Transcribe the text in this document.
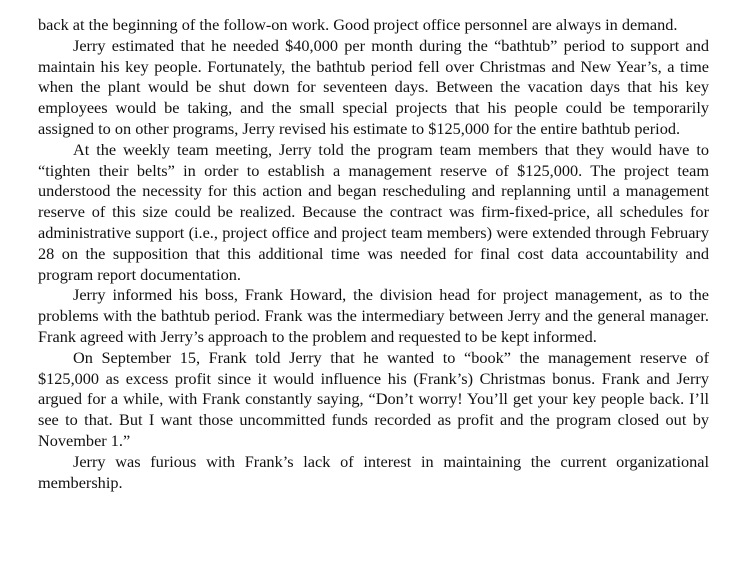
back at the beginning of the follow-on work. Good project office personnel are always in demand.

Jerry estimated that he needed $40,000 per month during the “bathtub” period to support and maintain his key people. Fortunately, the bathtub period fell over Christmas and New Year’s, a time when the plant would be shut down for seventeen days. Between the vacation days that his key employees would be taking, and the small special projects that his people could be temporarily assigned to on other programs, Jerry revised his estimate to $125,000 for the entire bathtub period.

At the weekly team meeting, Jerry told the program team members that they would have to “tighten their belts” in order to establish a management reserve of $125,000. The project team understood the necessity for this action and began rescheduling and replanning until a management reserve of this size could be realized. Because the contract was firm-fixed-price, all schedules for administrative support (i.e., project office and project team members) were extended through February 28 on the supposition that this additional time was needed for final cost data accountability and program report documentation.

Jerry informed his boss, Frank Howard, the division head for project management, as to the problems with the bathtub period. Frank was the intermediary between Jerry and the general manager. Frank agreed with Jerry’s approach to the problem and requested to be kept informed.

On September 15, Frank told Jerry that he wanted to “book” the management reserve of $125,000 as excess profit since it would influence his (Frank’s) Christmas bonus. Frank and Jerry argued for a while, with Frank constantly saying, “Don’t worry! You’ll get your key people back. I’ll see to that. But I want those uncommitted funds recorded as profit and the program closed out by November 1.”

Jerry was furious with Frank’s lack of interest in maintaining the current organizational membership.
